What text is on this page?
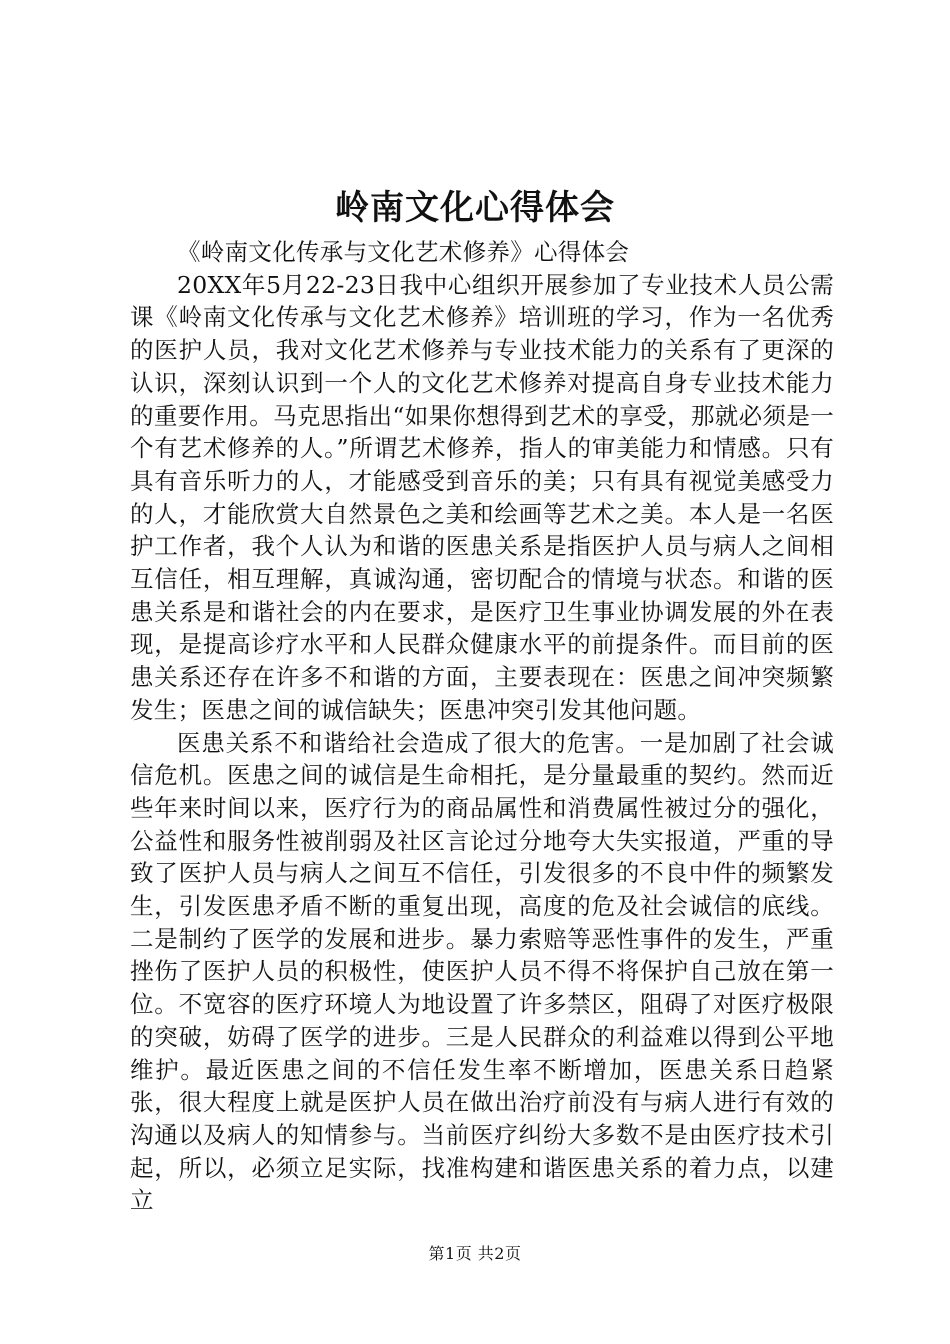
岭南文化心得体会

《岭南文化传承与文化艺术修养》心得体会

20XX年5月22-23日我中心组织开展参加了专业技术人员公需课《岭南文化传承与文化艺术修养》培训班的学习，作为一名优秀的医护人员，我对文化艺术修养与专业技术能力的关系有了更深的认识，深刻认识到一个人的文化艺术修养对提高自身专业技术能力的重要作用。马克思指出“如果你想得到艺术的享受，那就必须是一个有艺术修养的人。”所谓艺术修养，指人的审美能力和情感。只有具有音乐听力的人，才能感受到音乐的美；只有具有视觉美感受力的人，才能欣赏大自然景色之美和绘画等艺术之美。本人是一名医护工作者，我个人认为和谐的医患关系是指医护人员与病人之间相互信任，相互理解，真诚沟通，密切配合的情境与状态。和谐的医患关系是和谐社会的内在要求，是医疗卫生事业协调发展的外在表现，是提高诊疗水平和人民群众健康水平的前提条件。而目前的医患关系还存在许多不和谐的方面，主要表现在：医患之间冲突频繁发生；医患之间的诚信缺失；医患冲突引发其他问题。

医患关系不和谐给社会造成了很大的危害。一是加剧了社会诚信危机。医患之间的诚信是生命相托，是分量最重的契约。然而近些年来时间以来，医疗行为的商品属性和消费属性被过分的强化，公益性和服务性被削弱及社区言论过分地夸大失实报道，严重的导致了医护人员与病人之间互不信任，引发很多的不良中件的频繁发生，引发医患矛盾不断的重复出现，高度的危及社会诚信的底线。二是制约了医学的发展和进步。暴力索赔等恶性事件的发生，严重挫伤了医护人员的积极性，使医护人员不得不将保护自己放在第一位。不宽容的医疗环境人为地设置了许多禁区，阻碍了对医疗极限的突破，妨碍了医学的进步。三是人民群众的利益难以得到公平地维护。最近医患之间的不信任发生率不断增加，医患关系日趋紧张，很大程度上就是医护人员在做出治疗前没有与病人进行有效的沟通以及病人的知情参与。当前医疗纠纷大多数不是由医疗技术引起，所以，必须立足实际，找准构建和谐医患关系的着力点，以建立

第1页 共2页
